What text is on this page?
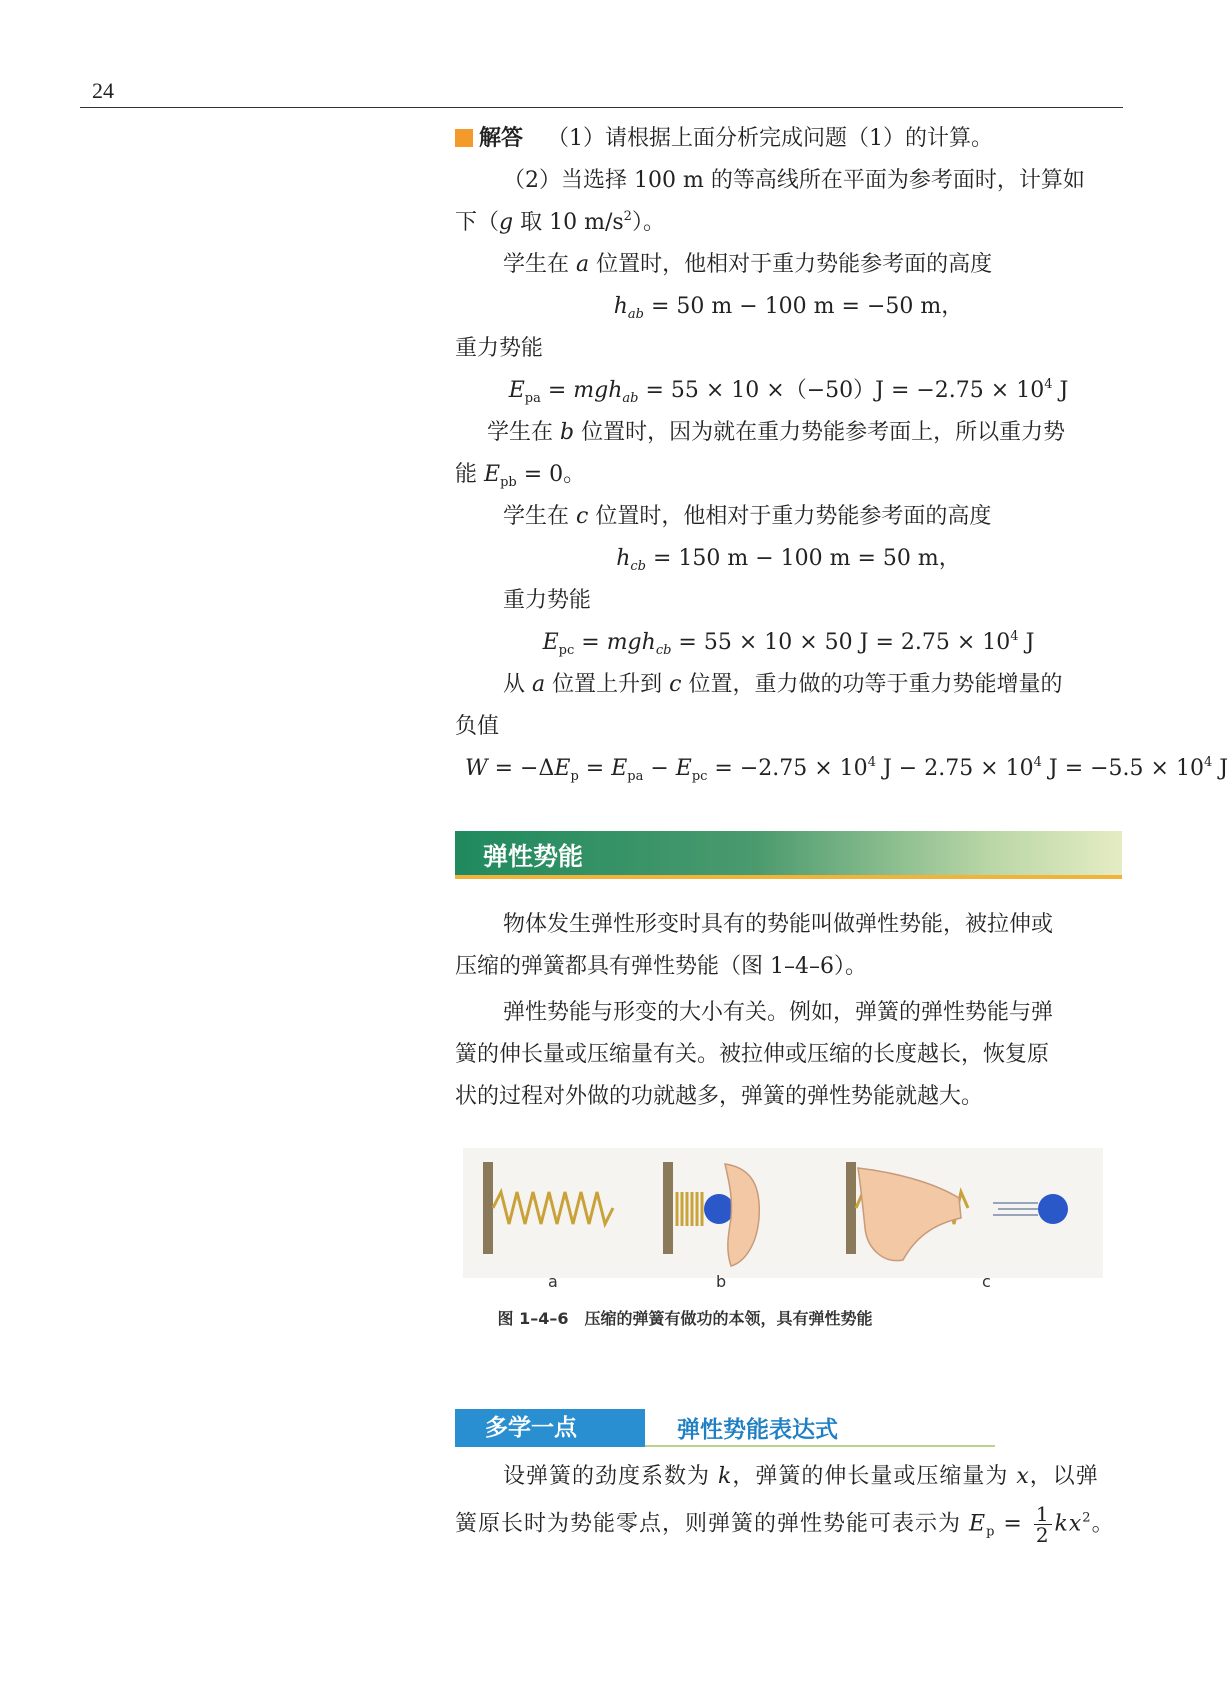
24
解答 （1）请根据上面分析完成问题（1）的计算。
（2）当选择 100 m 的等高线所在平面为参考面时，计算如
下（g 取 10 $m/s^2$）。
学生在 a 位置时，他相对于重力势能参考面的高度
$h_{ab} = 50$ m − 100 m = −50 m，
重力势能
$E_{pa} = mgh_{ab} = 55 \times 10 \times(-50)J = -2.75 \times 10^4$ J
学生在 b 位置时，因为就在重力势能参考面上，所以重力势
能 $E_{pb} = 0$。
学生在 c 位置时，他相对于重力势能参考面的高度
$h_{cb} = 150$ m − 100 m = 50 m，
重力势能
$E_{pc} = mgh_{cb} = 55 \times 10 \times 50$ $J = 2.75 \times 10^4$ J
从 a 位置上升到 c 位置，重力做的功等于重力势能增量的
负值
$W = -\Delta E_p = E_{pa} - E_{pc} = -2.75 \times 10^4$ $J - 2.75 \times 10^4$ $J = -5.5 \times 10^4$ J
弹性势能
物体发生弹性形变时具有的势能叫做弹性势能，被拉伸或
压缩的弹簧都具有弹性势能（图 1–4–6）。
弹性势能与形变的大小有关。例如，弹簧的弹性势能与弹
簧的伸长量或压缩量有关。被拉伸或压缩的长度越长，恢复原
状的过程对外做的功就越多，弹簧的弹性势能就越大。
a	b	c
图 1–4–6　压缩的弹簧有做功的本领，具有弹性势能
多学一点	弹性势能表达式
设弹簧的劲度系数为 k，弹簧的伸长量或压缩量为 x，以弹
簧原长时为势能零点，则弹簧的弹性势能可表示为 $E_p = \frac{1}{2} kx^2$。
